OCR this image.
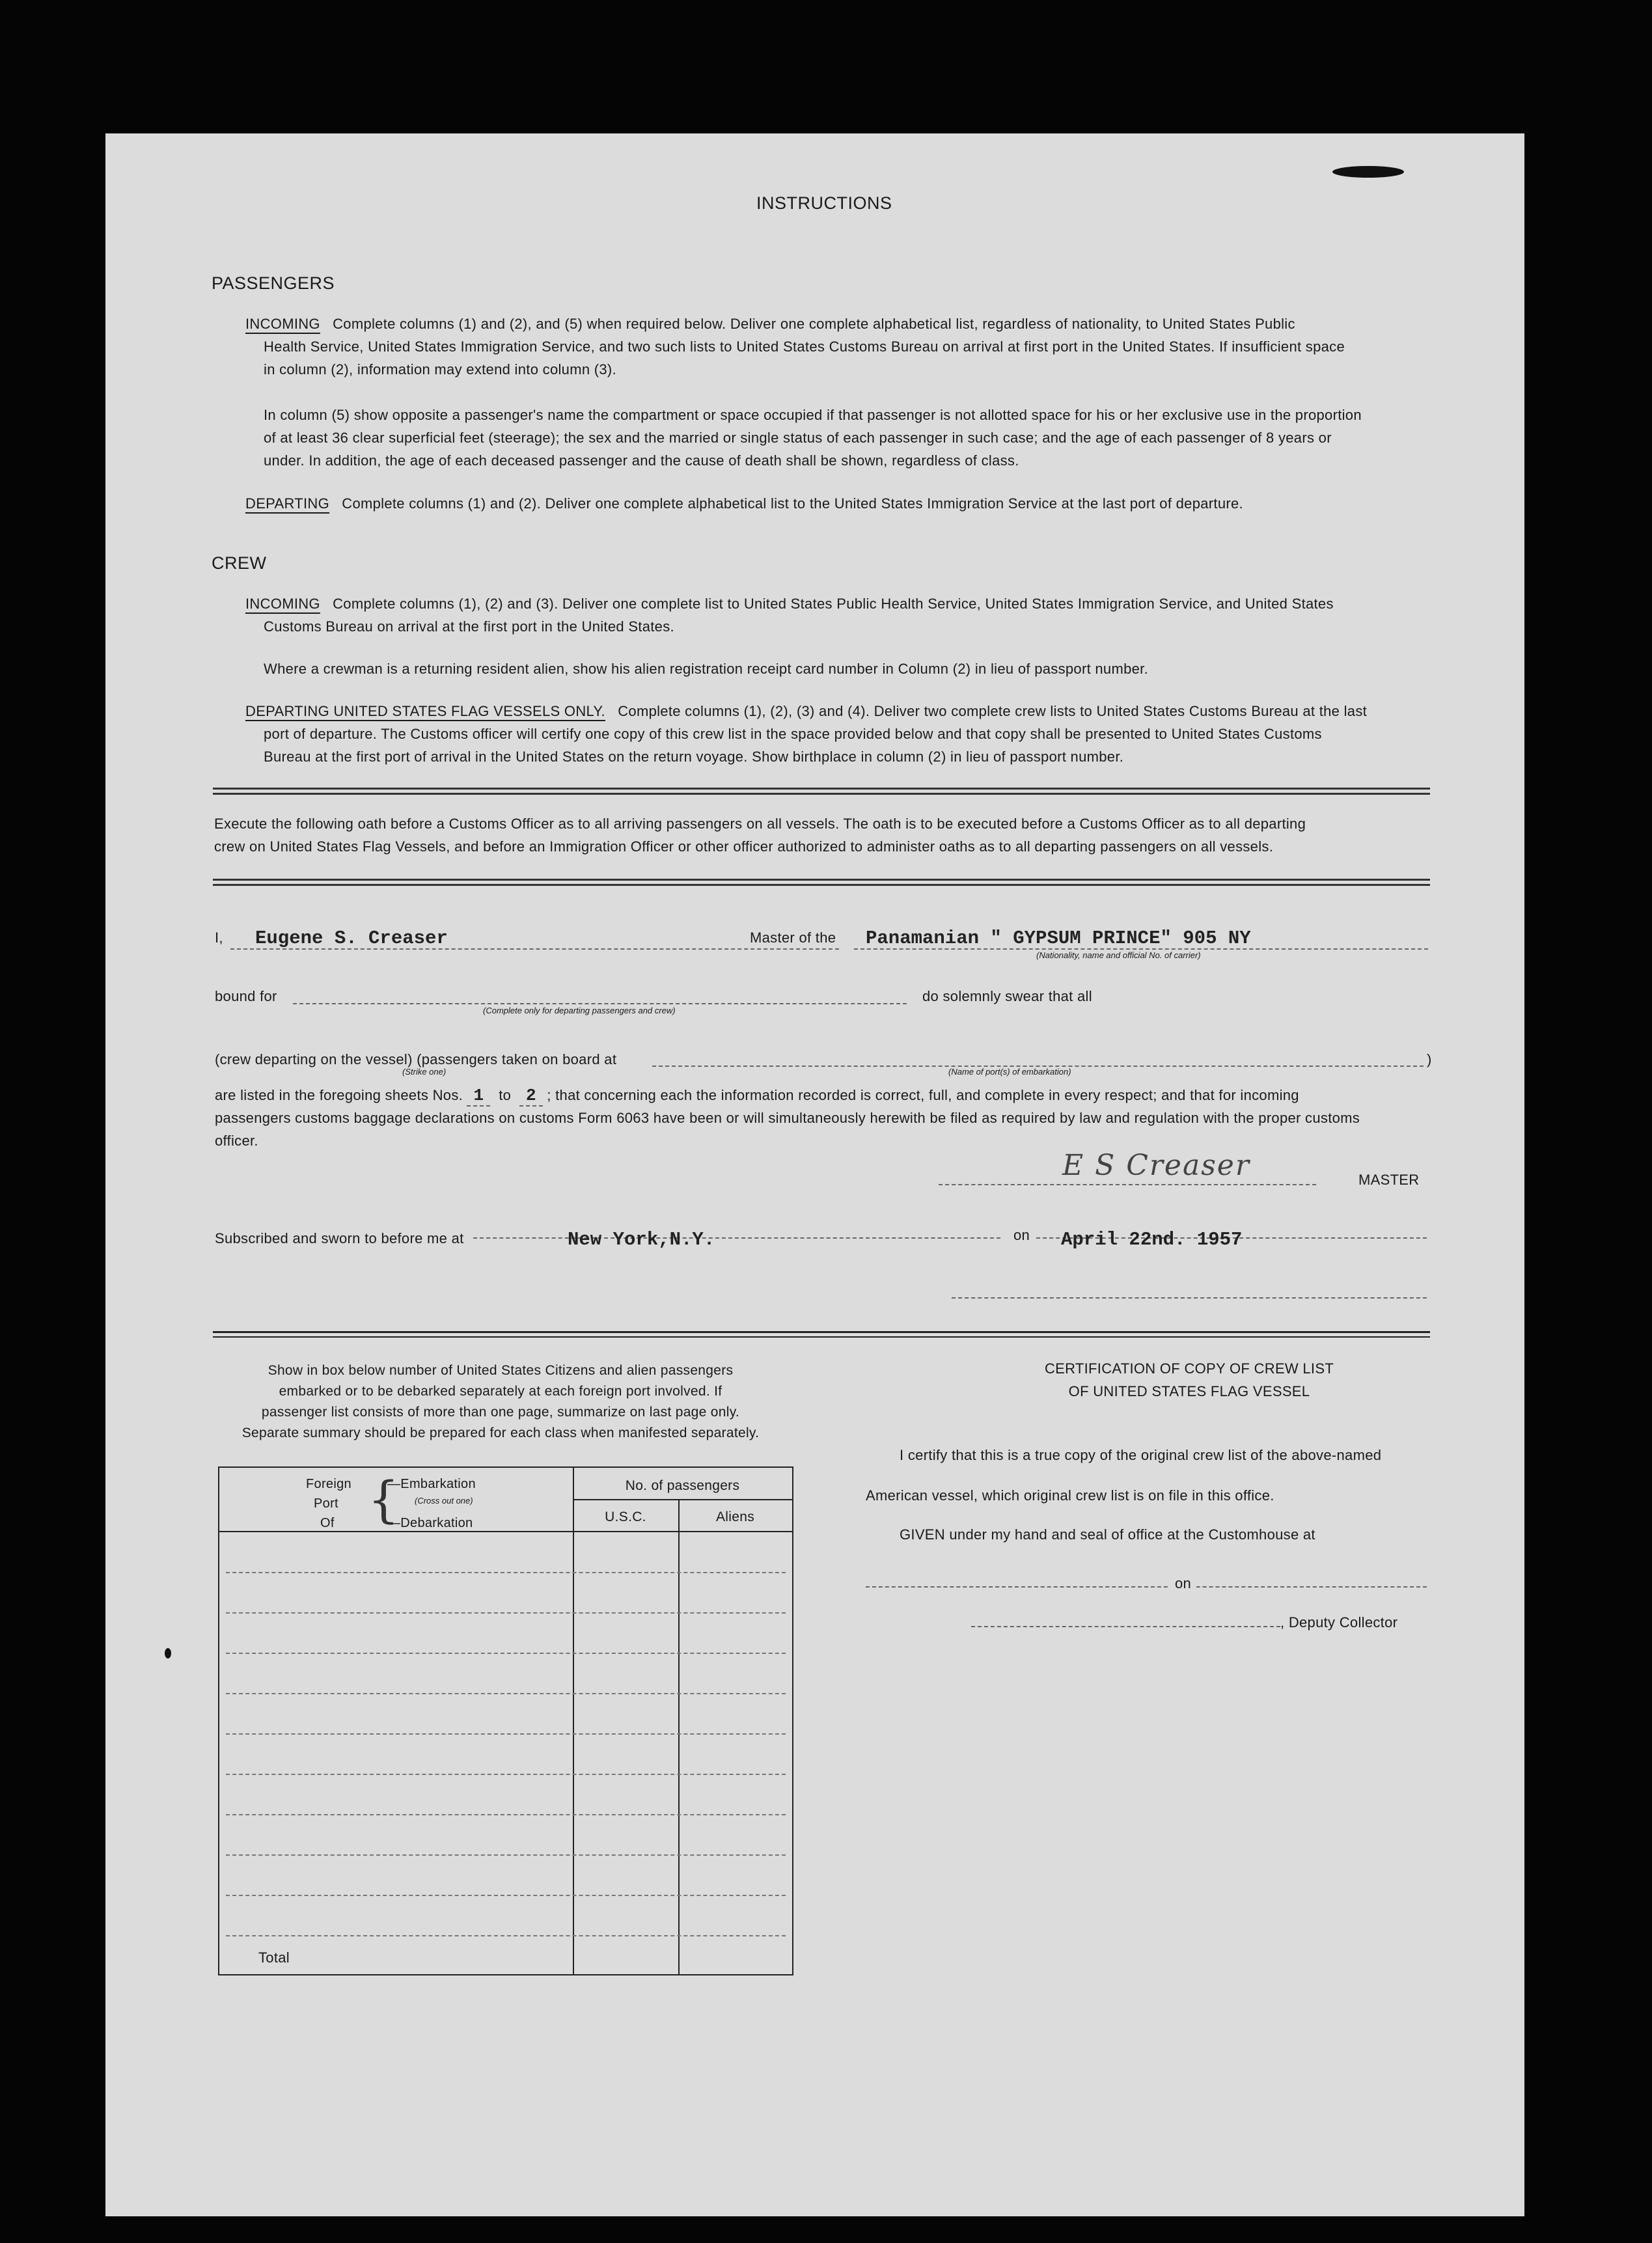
INSTRUCTIONS
PASSENGERS
INCOMING Complete columns (1) and (2), and (5) when required below. Deliver one complete alphabetical list, regardless of nationality, to United States Public
Health Service, United States Immigration Service, and two such lists to United States Customs Bureau on arrival at first port in the United States. If insufficient space
in column (2), information may extend into column (3).
In column (5) show opposite a passenger's name the compartment or space occupied if that passenger is not allotted space for his or her exclusive use in the proportion
of at least 36 clear superficial feet (steerage); the sex and the married or single status of each passenger in such case; and the age of each passenger of 8 years or
under. In addition, the age of each deceased passenger and the cause of death shall be shown, regardless of class.
DEPARTING Complete columns (1) and (2). Deliver one complete alphabetical list to the United States Immigration Service at the last port of departure.
CREW
INCOMING Complete columns (1), (2) and (3). Deliver one complete list to United States Public Health Service, United States Immigration Service, and United States
Customs Bureau on arrival at the first port in the United States.
Where a crewman is a returning resident alien, show his alien registration receipt card number in Column (2) in lieu of passport number.
DEPARTING UNITED STATES FLAG VESSELS ONLY. Complete columns (1), (2), (3) and (4). Deliver two complete crew lists to United States Customs Bureau at the last
port of departure. The Customs officer will certify one copy of this crew list in the space provided below and that copy shall be presented to United States Customs
Bureau at the first port of arrival in the United States on the return voyage. Show birthplace in column (2) in lieu of passport number.
Execute the following oath before a Customs Officer as to all arriving passengers on all vessels. The oath is to be executed before a Customs Officer as to all departing
crew on United States Flag Vessels, and before an Immigration Officer or other officer authorized to administer oaths as to all departing passengers on all vessels.
I, Eugene S. Creaser	Master of the Panamanian " GYPSUM PRINCE" 905 NY
(Nationality, name and official No. of carrier)
bound for
(Complete only for departing passengers and crew)
do solemnly swear that all
(crew departing on the vessel) (passengers taken on board at
(Strike one)	(Name of port(s) of embarkation)
)
are listed in the foregoing sheets Nos. 1 to 2 ; that concerning each the information recorded is correct, full, and complete in every respect; and that for incoming
passengers customs baggage declarations on customs Form 6063 have been or will simultaneously herewith be filed as required by law and regulation with the proper customs
officer.
E S Creaser	MASTER
Subscribed and sworn to before me at	New York,N.Y.	on April 22nd. 1957
Show in box below number of United States Citizens and alien passengers
embarked or to be debarked separately at each foreign port involved. If
passenger list consists of more than one page, summarize on last page only.
Separate summary should be prepared for each class when manifested separately.
Foreign
Port
Of {
—Embarkation
(Cross out one)
—Debarkation
No. of passengers
U.S.C.	Aliens
Total
CERTIFICATION OF COPY OF CREW LIST
OF UNITED STATES FLAG VESSEL
I certify that this is a true copy of the original crew list of the above-named
American vessel, which original crew list is on file in this office.
GIVEN under my hand and seal of office at the Customhouse at
on
, Deputy Collector
